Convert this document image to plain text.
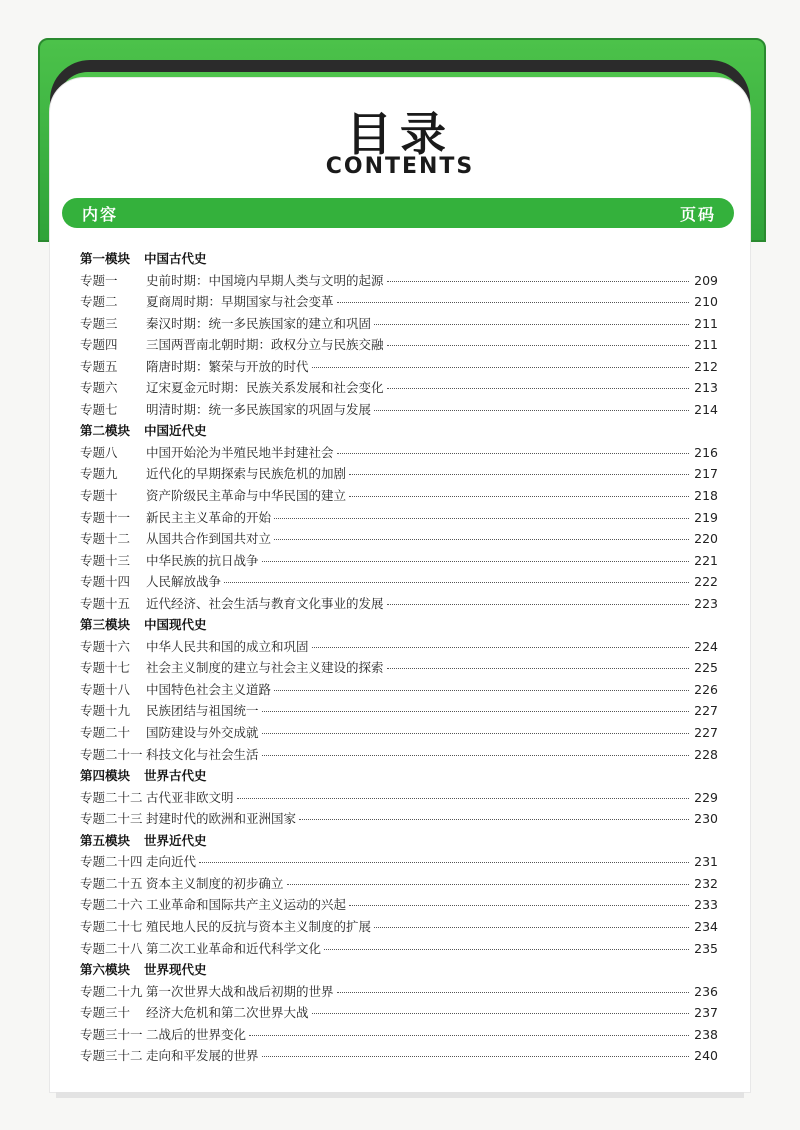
目录
CONTENTS
内容	页码
第一模块 中国古代史
专题一	史前时期：中国境内早期人类与文明的起源	209
专题二	夏商周时期：早期国家与社会变革	210
专题三	秦汉时期：统一多民族国家的建立和巩固	211
专题四	三国两晋南北朝时期：政权分立与民族交融	211
专题五	隋唐时期：繁荣与开放的时代	212
专题六	辽宋夏金元时期：民族关系发展和社会变化	213
专题七	明清时期：统一多民族国家的巩固与发展	214
第二模块 中国近代史
专题八	中国开始沦为半殖民地半封建社会	216
专题九	近代化的早期探索与民族危机的加剧	217
专题十	资产阶级民主革命与中华民国的建立	218
专题十一	新民主主义革命的开始	219
专题十二	从国共合作到国共对立	220
专题十三	中华民族的抗日战争	221
专题十四	人民解放战争	222
专题十五	近代经济、社会生活与教育文化事业的发展	223
第三模块 中国现代史
专题十六	中华人民共和国的成立和巩固	224
专题十七	社会主义制度的建立与社会主义建设的探索	225
专题十八	中国特色社会主义道路	226
专题十九	民族团结与祖国统一	227
专题二十	国防建设与外交成就	227
专题二十一 科技文化与社会生活	228
第四模块 世界古代史
专题二十二 古代亚非欧文明	229
专题二十三 封建时代的欧洲和亚洲国家	230
第五模块 世界近代史
专题二十四 走向近代	231
专题二十五 资本主义制度的初步确立	232
专题二十六 工业革命和国际共产主义运动的兴起	233
专题二十七 殖民地人民的反抗与资本主义制度的扩展	234
专题二十八 第二次工业革命和近代科学文化	235
第六模块 世界现代史
专题二十九 第一次世界大战和战后初期的世界	236
专题三十	经济大危机和第二次世界大战	237
专题三十一 二战后的世界变化	238
专题三十二 走向和平发展的世界	240
